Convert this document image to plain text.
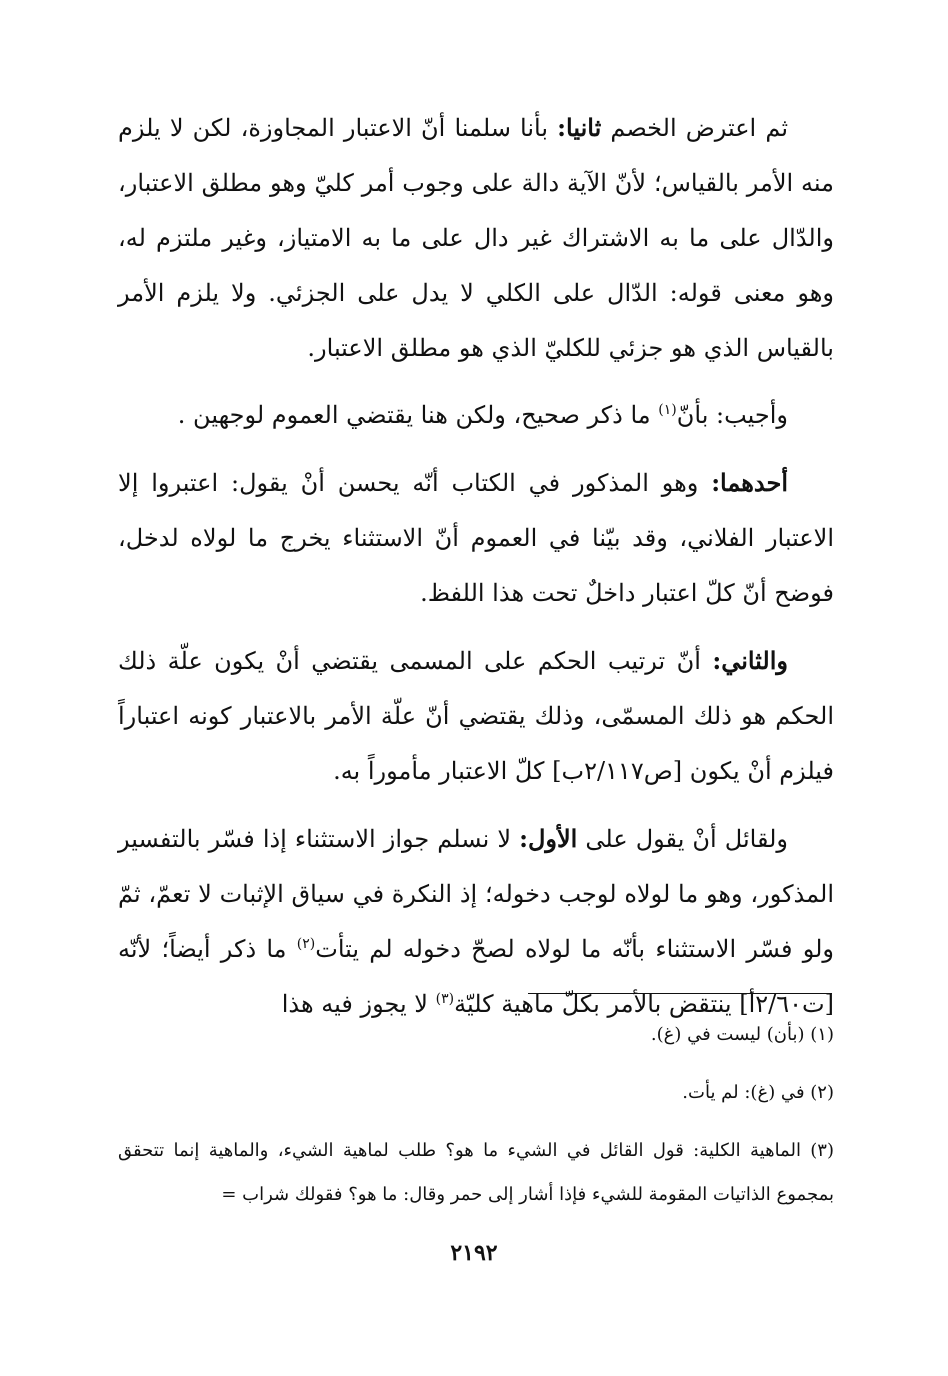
ثم اعترض الخصم ثانيا: بأنا سلمنا أنّ الاعتبار المجاوزة، لكن لا يلزم منه الأمر بالقياس؛ لأنّ الآية دالة على وجوب أمر كليّ وهو مطلق الاعتبار، والدّال على ما به الاشتراك غير دال على ما به الامتياز، وغير ملتزم له، وهو معنى قوله: الدّال على الكلي لا يدل على الجزئي. ولا يلزم الأمر بالقياس الذي هو جزئي للكليّ الذي هو مطلق الاعتبار.

وأجيب: بأنّ$^{(١)}$ ما ذكر صحيح، ولكن هنا يقتضي العموم لوجهين .

أحدهما: وهو المذكور في الكتاب أنّه يحسن أنْ يقول: اعتبروا إلا الاعتبار الفلاني، وقد بيّنا في العموم أنّ الاستثناء يخرج ما لولاه لدخل، فوضح أنّ كلّ اعتبار داخلٌ تحت هذا اللفظ.

والثاني: أنّ ترتيب الحكم على المسمى يقتضي أنْ يكون علّة ذلك الحكم هو ذلك المسمّى، وذلك يقتضي أنّ علّة الأمر بالاعتبار كونه اعتباراً فيلزم أنْ يكون [ص٢/١١٧ب] كلّ الاعتبار مأموراً به.

ولقائل أنْ يقول على الأول: لا نسلم جواز الاستثناء إذا فسّر بالتفسير المذكور، وهو ما لولاه لوجب دخوله؛ إذ النكرة في سياق الإثبات لا تعمّ، ثمّ ولو فسّر الاستثناء بأنّه ما لولاه لصحّ دخوله لم يتأت$^{(٢)}$ ما ذكر أيضاً؛ لأنّه [ت٢/٦٠أ] ينتقض بالأمر بكلّ ماهية كليّة$^{(٣)}$ لا يجوز فيه هذا

(١) (بأن) ليست في (غ).

(٢) في (غ): لم يأت.

(٣) الماهية الكلية: قول القائل في الشيء ما هو؟ طلب لماهية الشيء، والماهية إنما تتحقق بمجموع الذاتيات المقومة للشيء فإذا أشار إلى حمر وقال: ما هو؟ فقولك شراب =

٢١٩٢
